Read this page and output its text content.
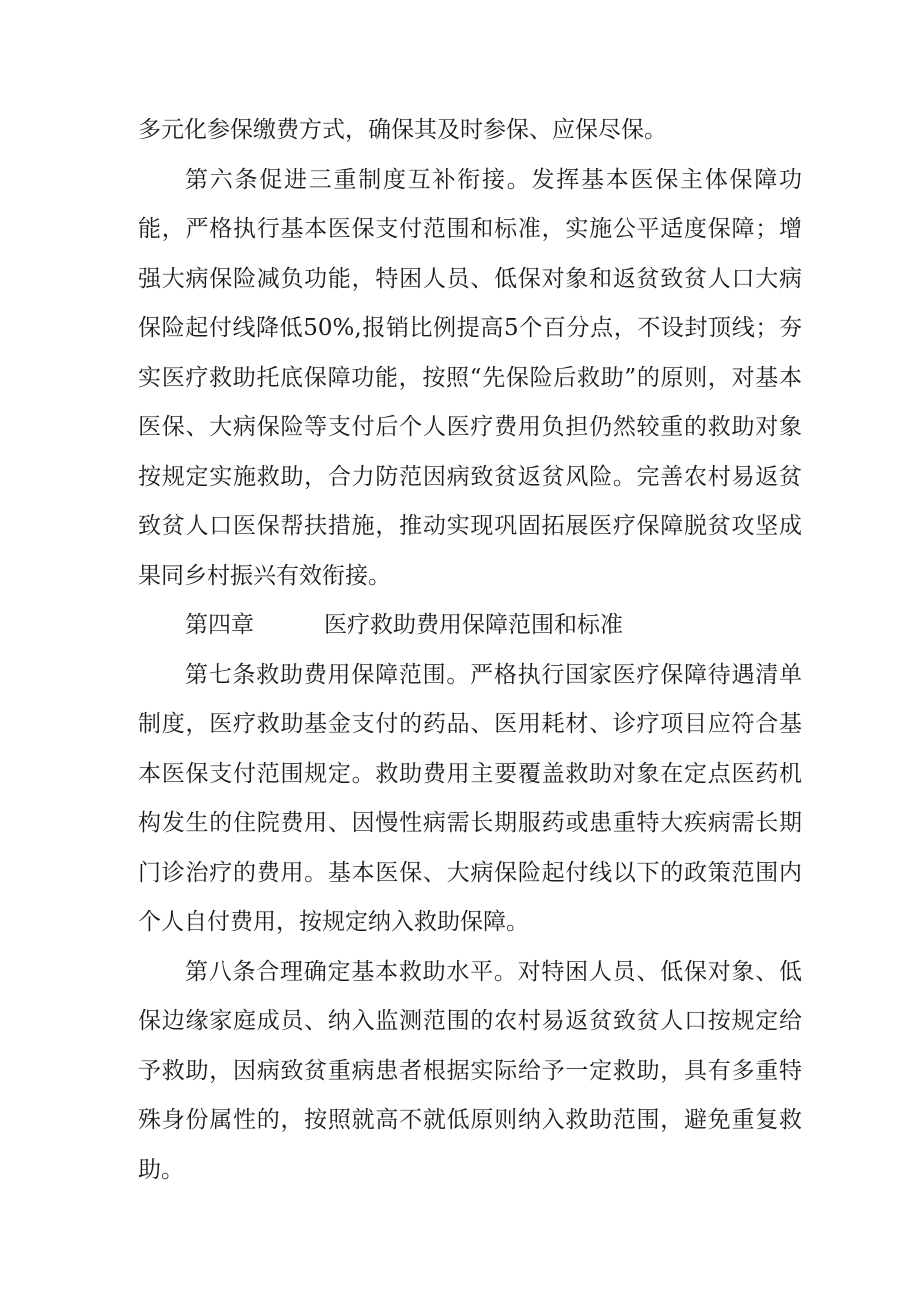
多元化参保缴费方式，确保其及时参保、应保尽保。

第六条促进三重制度互补衔接。发挥基本医保主体保障功能，严格执行基本医保支付范围和标准，实施公平适度保障；增强大病保险减负功能，特困人员、低保对象和返贫致贫人口大病保险起付线降低50%,报销比例提高5个百分点，不设封顶线；夯实医疗救助托底保障功能，按照“先保险后救助”的原则，对基本医保、大病保险等支付后个人医疗费用负担仍然较重的救助对象按规定实施救助，合力防范因病致贫返贫风险。完善农村易返贫致贫人口医保帮扶措施，推动实现巩固拓展医疗保障脱贫攻坚成果同乡村振兴有效衔接。

第四章	医疗救助费用保障范围和标准

第七条救助费用保障范围。严格执行国家医疗保障待遇清单制度，医疗救助基金支付的药品、医用耗材、诊疗项目应符合基本医保支付范围规定。救助费用主要覆盖救助对象在定点医药机构发生的住院费用、因慢性病需长期服药或患重特大疾病需长期门诊治疗的费用。基本医保、大病保险起付线以下的政策范围内个人自付费用，按规定纳入救助保障。

第八条合理确定基本救助水平。对特困人员、低保对象、低保边缘家庭成员、纳入监测范围的农村易返贫致贫人口按规定给予救助，因病致贫重病患者根据实际给予一定救助，具有多重特殊身份属性的，按照就高不就低原则纳入救助范围，避免重复救助。
